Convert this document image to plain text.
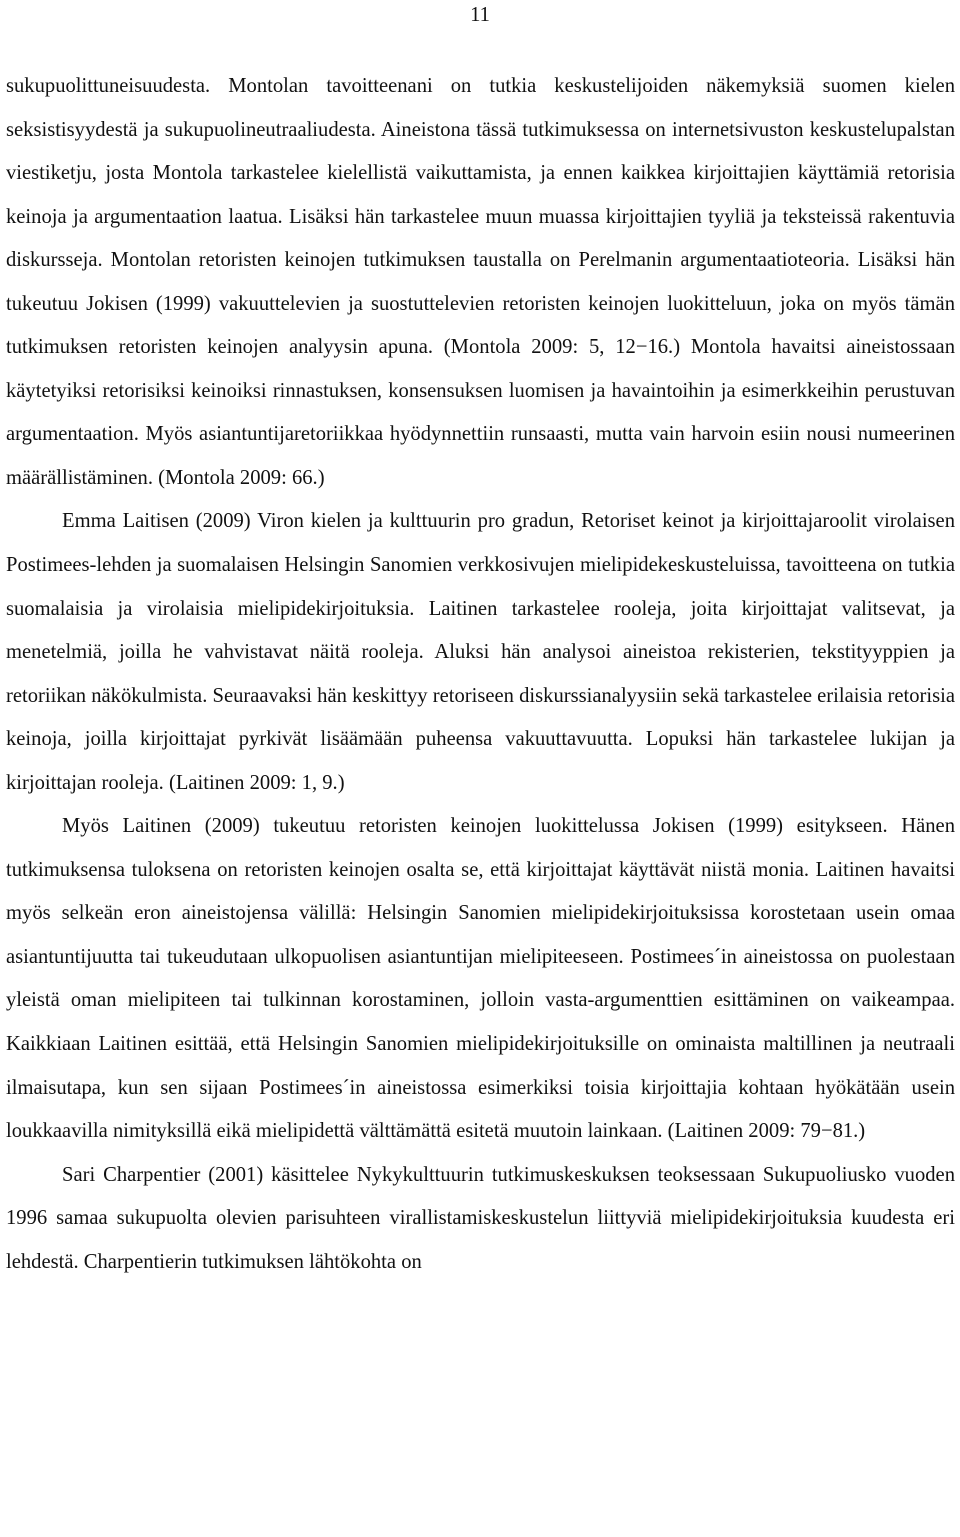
11

sukupuolittuneisuudesta. Montolan tavoitteenani on tutkia keskustelijoiden näkemyksiä suomen kielen seksistisyydestä ja sukupuolineutraaliudesta. Aineistona tässä tutkimuksessa on internetsivuston keskustelupalstan viestiketju, josta Montola tarkastelee kielellistä vaikuttamista, ja ennen kaikkea kirjoittajien käyttämiä retorisia keinoja ja argumentaation laatua. Lisäksi hän tarkastelee muun muassa kirjoittajien tyyliä ja teksteissä rakentuvia diskursseja. Montolan retoristen keinojen tutkimuksen taustalla on Perelmanin argumentaatioteoria. Lisäksi hän tukeutuu Jokisen (1999) vakuuttelevien ja suostuttelevien retoristen keinojen luokitteluun, joka on myös tämän tutkimuksen retoristen keinojen analyysin apuna. (Montola 2009: 5, 12−16.) Montola havaitsi aineistossaan käytetyiksi retorisiksi keinoiksi rinnastuksen, konsensuksen luomisen ja havaintoihin ja esimerkkeihin perustuvan argumentaation. Myös asiantuntijaretoriikkaa hyödynnettiin runsaasti, mutta vain harvoin esiin nousi numeerinen määrällistäminen. (Montola 2009: 66.)

Emma Laitisen (2009) Viron kielen ja kulttuurin pro gradun, Retoriset keinot ja kirjoittajaroolit virolaisen Postimees-lehden ja suomalaisen Helsingin Sanomien verkkosivujen mielipidekeskusteluissa, tavoitteena on tutkia suomalaisia ja virolaisia mielipidekirjoituksia. Laitinen tarkastelee rooleja, joita kirjoittajat valitsevat, ja menetelmiä, joilla he vahvistavat näitä rooleja. Aluksi hän analysoi aineistoa rekisterien, tekstityyppien ja retoriikan näkökulmista. Seuraavaksi hän keskittyy retoriseen diskurssianalyysiin sekä tarkastelee erilaisia retorisia keinoja, joilla kirjoittajat pyrkivät lisäämään puheensa vakuuttavuutta. Lopuksi hän tarkastelee lukijan ja kirjoittajan rooleja. (Laitinen 2009: 1, 9.)

Myös Laitinen (2009) tukeutuu retoristen keinojen luokittelussa Jokisen (1999) esitykseen. Hänen tutkimuksensa tuloksena on retoristen keinojen osalta se, että kirjoittajat käyttävät niistä monia. Laitinen havaitsi myös selkeän eron aineistojensa välillä: Helsingin Sanomien mielipidekirjoituksissa korostetaan usein omaa asiantuntijuutta tai tukeudutaan ulkopuolisen asiantuntijan mielipiteeseen. Postimees´in aineistossa on puolestaan yleistä oman mielipiteen tai tulkinnan korostaminen, jolloin vasta-argumenttien esittäminen on vaikeampaa. Kaikkiaan Laitinen esittää, että Helsingin Sanomien mielipidekirjoituksille on ominaista maltillinen ja neutraali ilmaisutapa, kun sen sijaan Postimees´in aineistossa esimerkiksi toisia kirjoittajia kohtaan hyökätään usein loukkaavilla nimityksillä eikä mielipidettä välttämättä esitetä muutoin lainkaan. (Laitinen 2009: 79−81.)

Sari Charpentier (2001) käsittelee Nykykulttuurin tutkimuskeskuksen teoksessaan Sukupuoliusko vuoden 1996 samaa sukupuolta olevien parisuhteen virallistamiskeskustelun liittyviä mielipidekirjoituksia kuudesta eri lehdestä. Charpentierin tutkimuksen lähtökohta on
